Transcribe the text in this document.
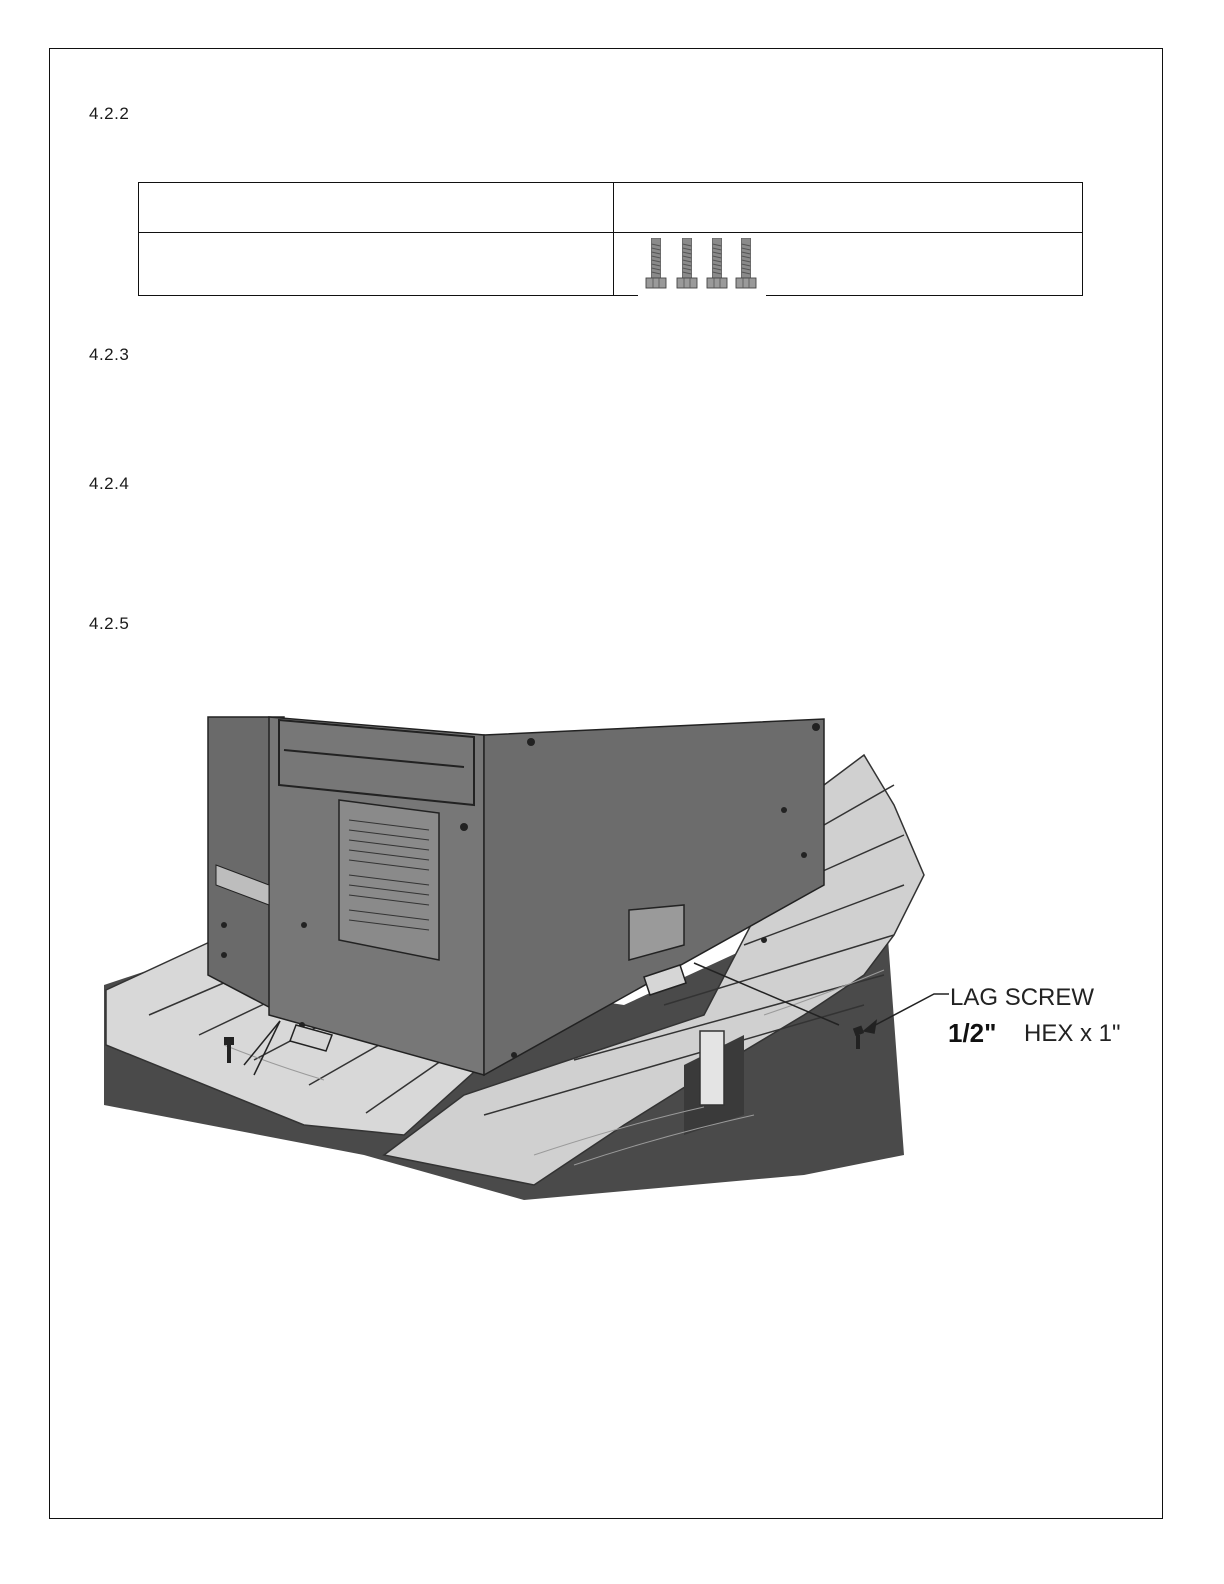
4.2.2
4.2.3
4.2.4
4.2.5
LAG SCREW
1/2" HEX x 1"
